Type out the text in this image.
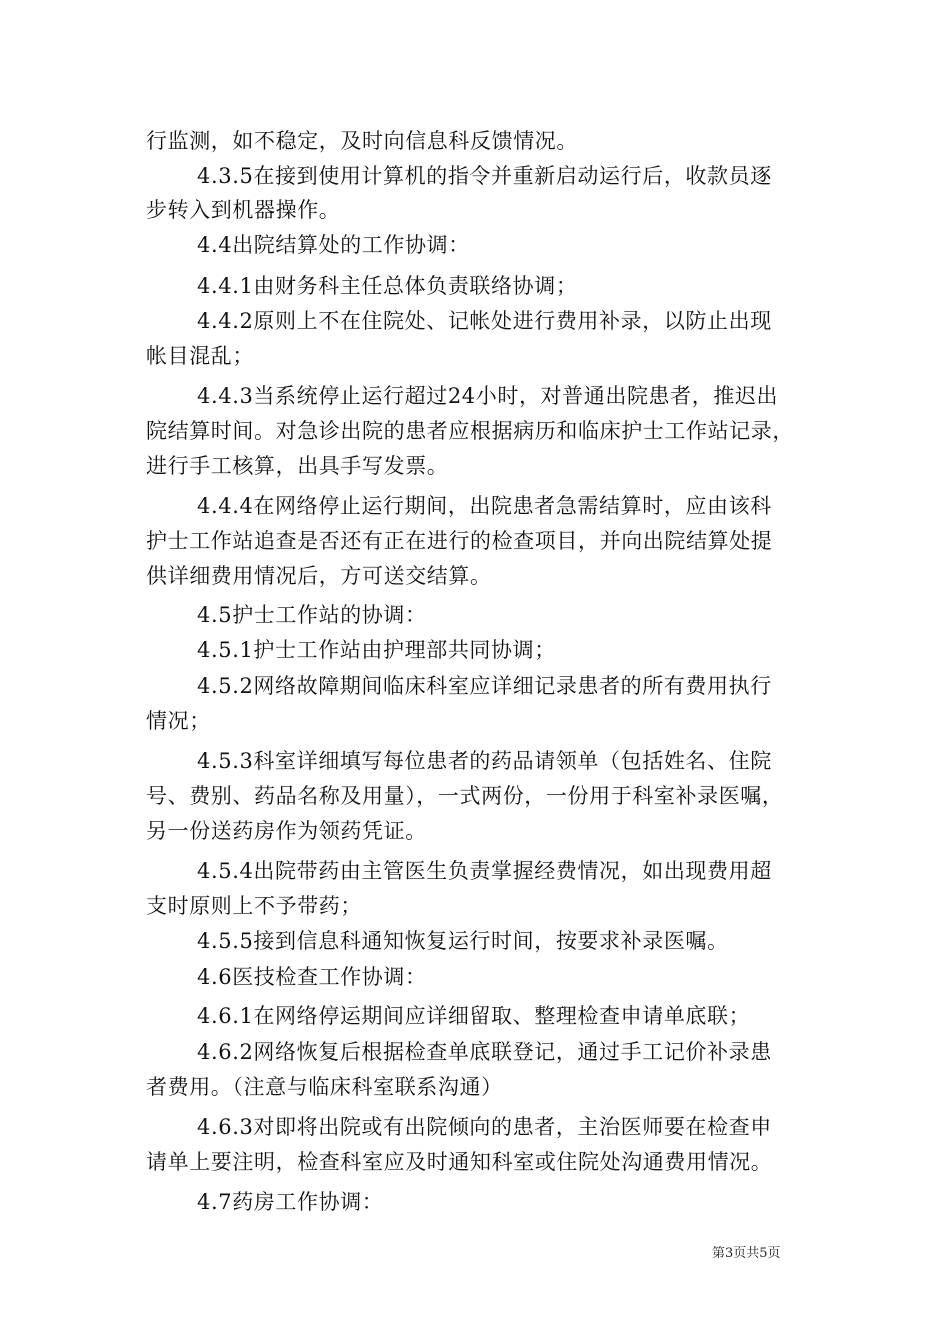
行监测，如不稳定，及时向信息科反馈情况。
4.3.5在接到使用计算机的指令并重新启动运行后，收款员逐
步转入到机器操作。
4.4出院结算处的工作协调：
4.4.1由财务科主任总体负责联络协调；
4.4.2原则上不在住院处、记帐处进行费用补录，以防止出现
帐目混乱；
4.4.3当系统停止运行超过24小时，对普通出院患者，推迟出
院结算时间。对急诊出院的患者应根据病历和临床护士工作站记录，
进行手工核算，出具手写发票。
4.4.4在网络停止运行期间，出院患者急需结算时，应由该科
护士工作站追查是否还有正在进行的检查项目，并向出院结算处提
供详细费用情况后，方可送交结算。
4.5护士工作站的协调：
4.5.1护士工作站由护理部共同协调；
4.5.2网络故障期间临床科室应详细记录患者的所有费用执行
情况；
4.5.3科室详细填写每位患者的药品请领单（包括姓名、住院
号、费别、药品名称及用量），一式两份，一份用于科室补录医嘱，
另一份送药房作为领药凭证。
4.5.4出院带药由主管医生负责掌握经费情况，如出现费用超
支时原则上不予带药；
4.5.5接到信息科通知恢复运行时间，按要求补录医嘱。
4.6医技检查工作协调：
4.6.1在网络停运期间应详细留取、整理检查申请单底联；
4.6.2网络恢复后根据检查单底联登记，通过手工记价补录患
者费用。（注意与临床科室联系沟通）
4.6.3对即将出院或有出院倾向的患者，主治医师要在检查申
请单上要注明，检查科室应及时通知科室或住院处沟通费用情况。
4.7药房工作协调：
第3页共5页
